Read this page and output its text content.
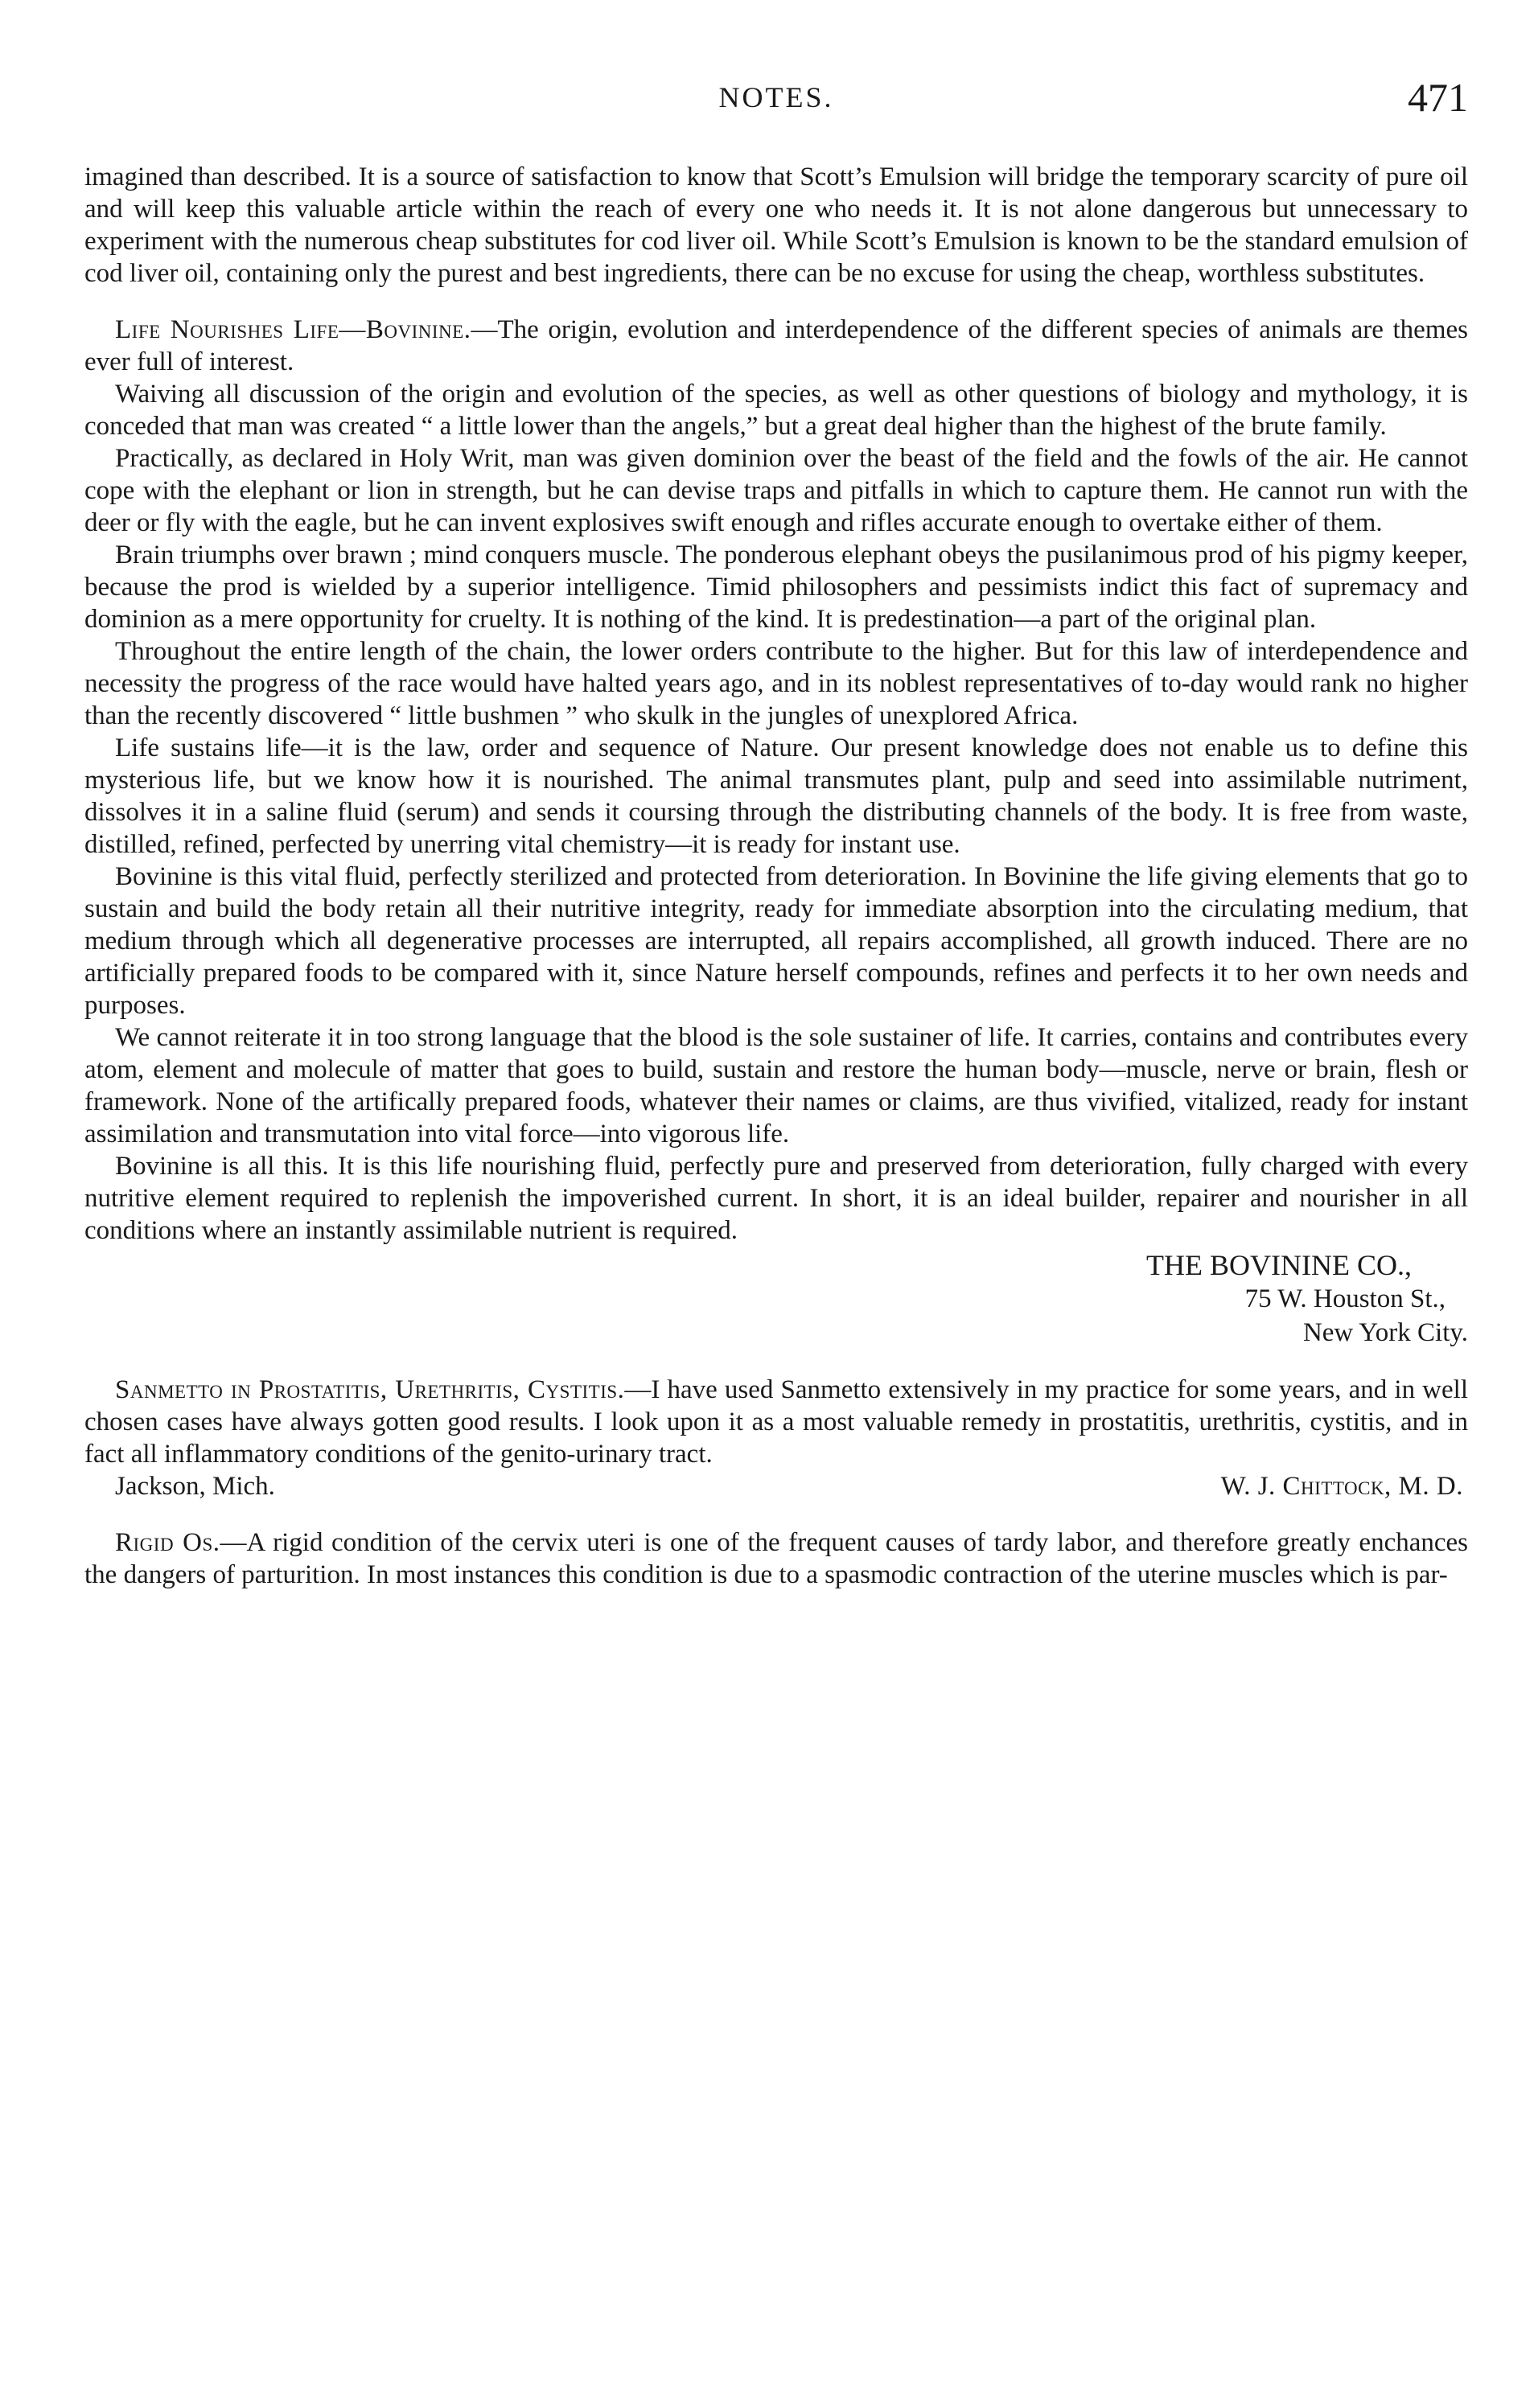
NOTES.	471

imagined than described. It is a source of satisfaction to know that Scott’s Emulsion will bridge the temporary scarcity of pure oil and will keep this valuable article within the reach of every one who needs it. It is not alone dangerous but unnecessary to experiment with the numerous cheap substitutes for cod liver oil. While Scott’s Emulsion is known to be the standard emulsion of cod liver oil, containing only the purest and best ingredients, there can be no excuse for using the cheap, worthless substitutes.

Life Nourishes Life—Bovinine.—The origin, evolution and interdependence of the different species of animals are themes ever full of interest.

Waiving all discussion of the origin and evolution of the species, as well as other questions of biology and mythology, it is conceded that man was created “ a little lower than the angels,” but a great deal higher than the highest of the brute family.

Practically, as declared in Holy Writ, man was given dominion over the beast of the field and the fowls of the air. He cannot cope with the elephant or lion in strength, but he can devise traps and pitfalls in which to capture them. He cannot run with the deer or fly with the eagle, but he can invent explosives swift enough and rifles accurate enough to overtake either of them.

Brain triumphs over brawn ; mind conquers muscle. The ponderous elephant obeys the pusilanimous prod of his pigmy keeper, because the prod is wielded by a superior intelligence. Timid philosophers and pessimists indict this fact of supremacy and dominion as a mere opportunity for cruelty. It is nothing of the kind. It is predestination—a part of the original plan.

Throughout the entire length of the chain, the lower orders contribute to the higher. But for this law of interdependence and necessity the progress of the race would have halted years ago, and in its noblest representatives of to-day would rank no higher than the recently discovered “ little bushmen ” who skulk in the jungles of unexplored Africa.

Life sustains life—it is the law, order and sequence of Nature. Our present knowledge does not enable us to define this mysterious life, but we know how it is nourished. The animal transmutes plant, pulp and seed into assimilable nutriment, dissolves it in a saline fluid (serum) and sends it coursing through the distributing channels of the body. It is free from waste, distilled, refined, perfected by unerring vital chemistry—it is ready for instant use.

Bovinine is this vital fluid, perfectly sterilized and protected from deterioration. In Bovinine the life giving elements that go to sustain and build the body retain all their nutritive integrity, ready for immediate absorption into the circulating medium, that medium through which all degenerative processes are interrupted, all repairs accomplished, all growth induced. There are no artificially prepared foods to be compared with it, since Nature herself compounds, refines and perfects it to her own needs and purposes.

We cannot reiterate it in too strong language that the blood is the sole sustainer of life. It carries, contains and contributes every atom, element and molecule of matter that goes to build, sustain and restore the human body—muscle, nerve or brain, flesh or framework. None of the artifically prepared foods, whatever their names or claims, are thus vivified, vitalized, ready for instant assimilation and transmutation into vital force—into vigorous life.

Bovinine is all this. It is this life nourishing fluid, perfectly pure and preserved from deterioration, fully charged with every nutritive element required to replenish the impoverished current. In short, it is an ideal builder, repairer and nourisher in all conditions where an instantly assimilable nutrient is required.

THE BOVININE CO.,
75 W. Houston St.,
New York City.

Sanmetto in Prostatitis, Urethritis, Cystitis.—I have used Sanmetto extensively in my practice for some years, and in well chosen cases have always gotten good results. I look upon it as a most valuable remedy in prostatitis, urethritis, cystitis, and in fact all inflammatory conditions of the genito-urinary tract.

Jackson, Mich.	W. J. Chittock, M. D.

Rigid Os.—A rigid condition of the cervix uteri is one of the frequent causes of tardy labor, and therefore greatly enchances the dangers of parturition. In most instances this condition is due to a spasmodic contraction of the uterine muscles which is par-
